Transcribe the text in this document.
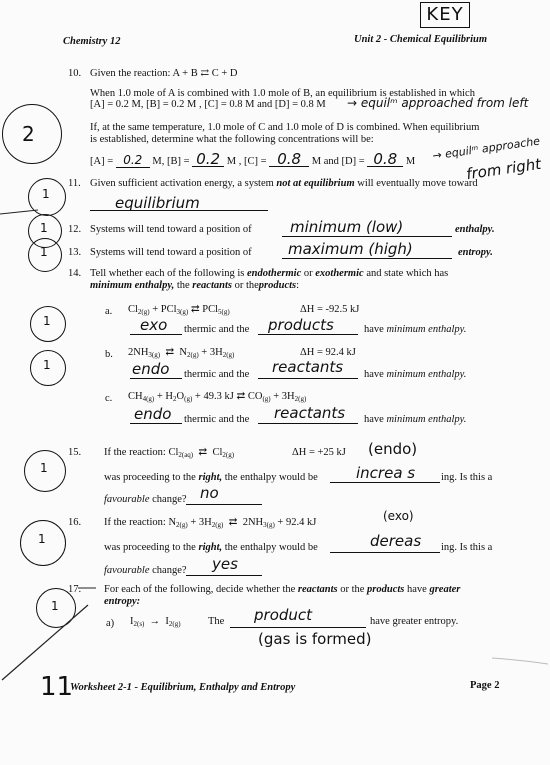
KEY
Chemistry 12	Unit 2 - Chemical Equilibrium
10. Given the reaction: A + B ⇄ C + D
When 1.0 mole of A is combined with 1.0 mole of B, an equilibrium is established in which
[A] = 0.2 M, [B] = 0.2 M , [C] = 0.8 M and [D] = 0.8 M → equilᵐ approached from left
If, at the same temperature, 1.0 mole of C and 1.0 mole of D is combined. When equilibrium
is established, determine what the following concentrations will be:
[A] = 0.2 M, [B] = 0.2 M , [C] = 0.8 M and [D] = 0.8 M → equilᵐ approache
from right
2
11. Given sufficient activation energy, a system not at equilibrium will eventually move toward
equilibrium
1
12. Systems will tend toward a position of	minimum (low)	enthalpy.
1
13. Systems will tend toward a position of maximum (high)	entropy.
1
14. Tell whether each of the following is endothermic or exothermic and state which has
minimum enthalpy, the reactants or theproducts:
a. $Cl_{2(g)} + PCl_{3(g)}$ ⇄ PCl$_{5(g)}$	ΔH = -92.5 kJ
exo thermic and the products	have minimum enthalpy.
1
b. $2NH_{3(g)}$ ⇄  $N_{2(g)} + 3H_{2(g)}$	ΔH = 92.4 kJ
endo thermic and the reactants have minimum enthalpy.
1
c. $CH_{4(g)} + H_2O_{(g)} + 49.3$ kJ ⇄ $CO_{(g)} + 3H_{2(g)}$
endo thermic and the reactants have minimum enthalpy.
15. If the reaction: $Cl_{2(aq)}$ ⇄  $Cl_{2(g)}$	ΔH = +25 kJ (endo)
was proceeding to the right, the enthalpy would be	increa s ing. Is this a
favourable change? no
1
16. If the reaction: $N_{2(g)} + 3H_{2(g)}$ ⇄  $2NH_{3(g)} + 92.4$ kJ	(exo)
was proceeding to the right, the enthalpy would be	dereas ing. Is this a
favourable change? yes
1
17. For each of the following, decide whether the reactants or the products have greater
entropy:
a) $I_{2(s)} \to I_{2(g)}$	The product	have greater entropy.
(gas is formed)
1
11
Worksheet 2-1 - Equilibrium, Enthalpy and Entropy	Page 2
